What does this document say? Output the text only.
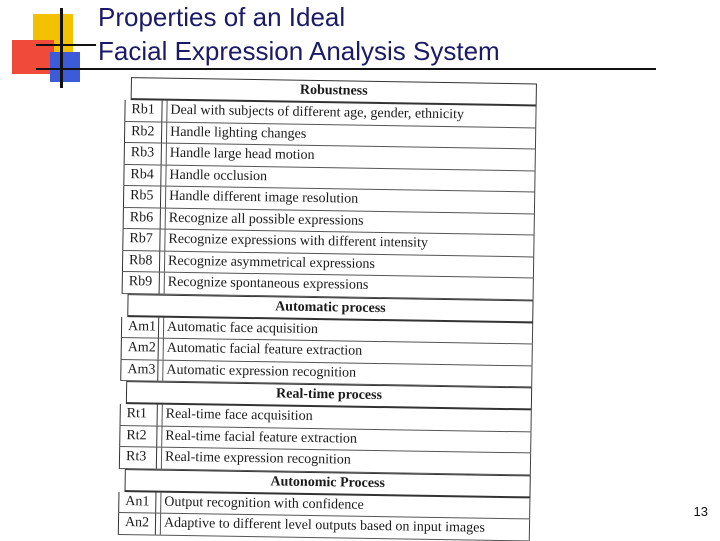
Properties of an Ideal
Facial Expression Analysis System
Robustness
Rb1	Deal with subjects of different age, gender, ethnicity
Rb2	Handle lighting changes
Rb3	Handle large head motion
Rb4	Handle occlusion
Rb5	Handle different image resolution
Rb6	Recognize all possible expressions
Rb7	Recognize expressions with different intensity
Rb8	Recognize asymmetrical expressions
Rb9	Recognize spontaneous expressions
Automatic process
Am1 Automatic face acquisition
Am2 Automatic facial feature extraction
Am3 Automatic expression recognition
Real-time process
Rt1	Real-time face acquisition
Rt2	Real-time facial feature extraction
Rt3	Real-time expression recognition
Autonomic Process
An1	Output recognition with confidence
An2	Adaptive to different level outputs based on input images
13
